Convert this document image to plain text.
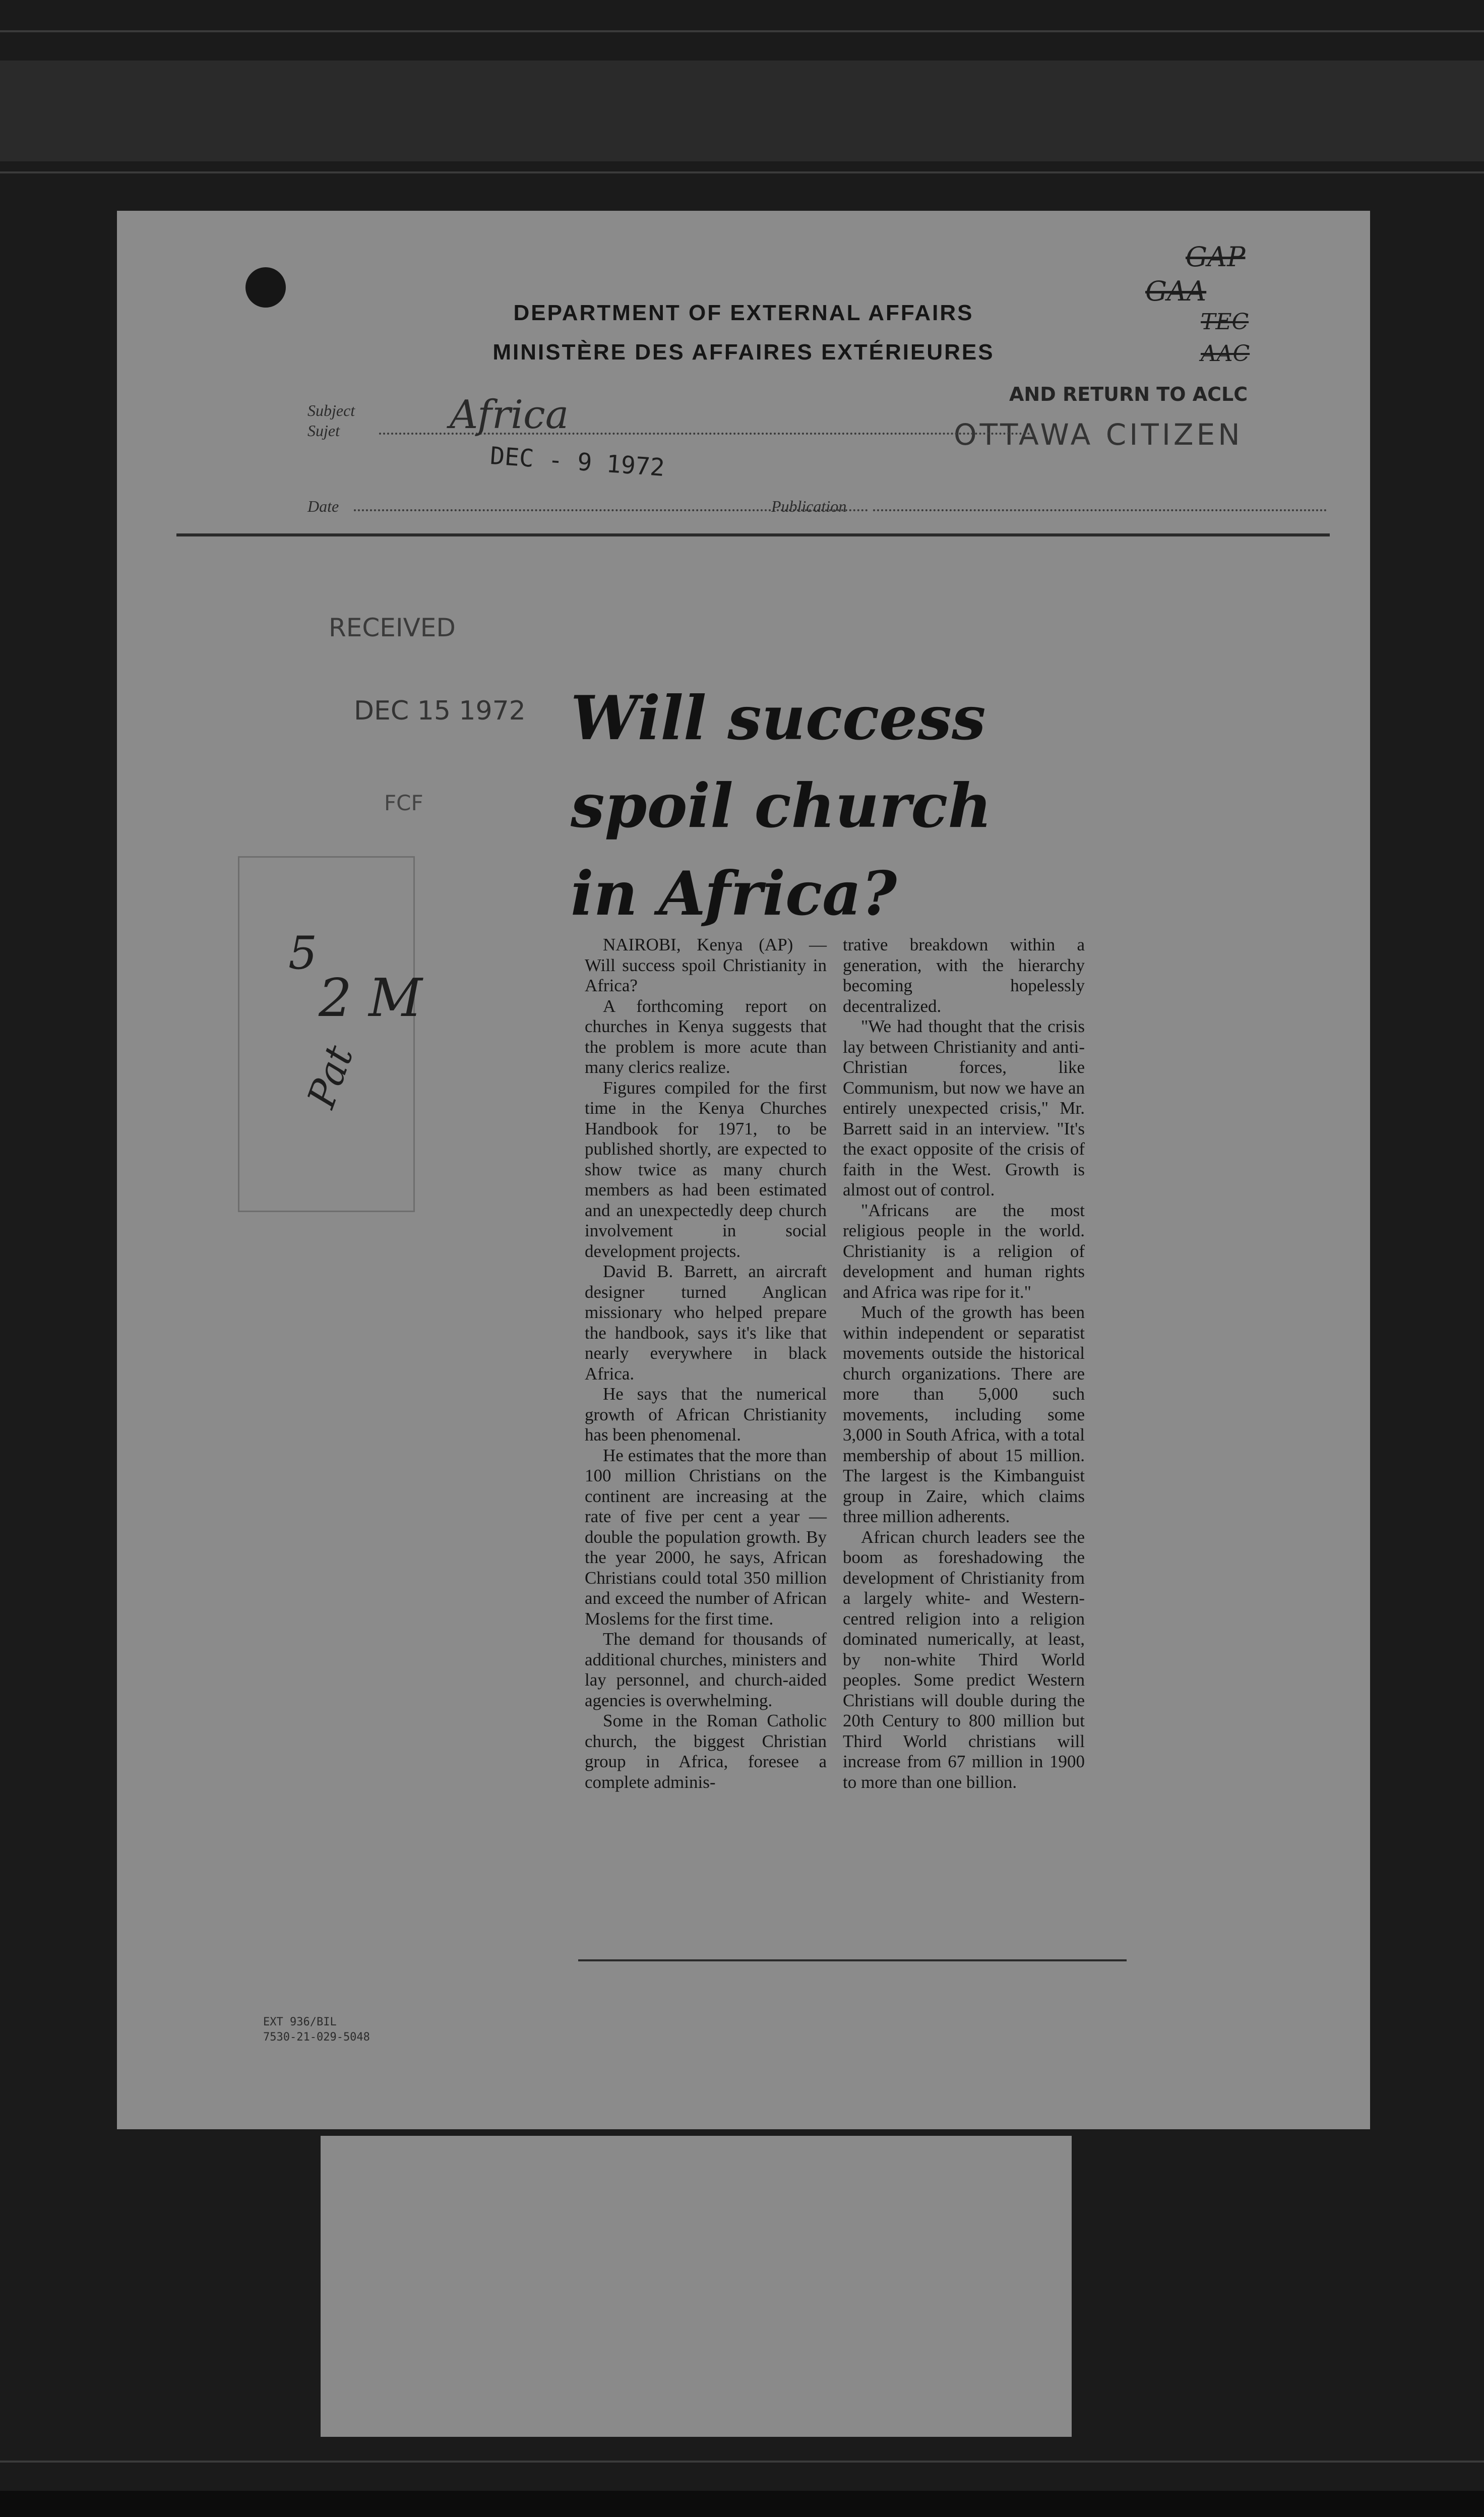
DEPARTMENT OF EXTERNAL AFFAIRS
MINISTÈRE DES AFFAIRES EXTÉRIEURES
GAP
GAA
TEC
AAC
AND RETURN TO ACLC
OTTAWA CITIZEN
Subject
Sujet	Africa
DEC - 9 1972
Date	Publication
RECEIVED
DEC 15 1972
FCF
5
2 M
Pat
Will success
spoil church
in Africa?

NAIROBI, Kenya (AP) — Will success spoil Christianity in Africa?

A forthcoming report on churches in Kenya suggests that the problem is more acute than many clerics realize.

Figures compiled for the first time in the Kenya Churches Handbook for 1971, to be published shortly, are expected to show twice as many church members as had been estimated and an unexpectedly deep church involvement in social development projects.

David B. Barrett, an aircraft designer turned Anglican missionary who helped prepare the handbook, says it's like that nearly everywhere in black Africa.

He says that the numerical growth of African Christianity has been phenomenal.

He estimates that the more than 100 million Christians on the continent are increasing at the rate of five per cent a year — double the population growth. By the year 2000, he says, African Christians could total 350 million and exceed the number of African Moslems for the first time.

The demand for thousands of additional churches, ministers and lay personnel, and church-aided agencies is overwhelming.

Some in the Roman Catholic church, the biggest Christian group in Africa, foresee a complete adminis-

trative breakdown within a generation, with the hierarchy becoming hopelessly decentralized.

"We had thought that the crisis lay between Christianity and anti-Christian forces, like Communism, but now we have an entirely unexpected crisis," Mr. Barrett said in an interview. "It's the exact opposite of the crisis of faith in the West. Growth is almost out of control.

"Africans are the most religious people in the world. Christianity is a religion of development and human rights and Africa was ripe for it."

Much of the growth has been within independent or separatist movements outside the historical church organizations. There are more than 5,000 such movements, including some 3,000 in South Africa, with a total membership of about 15 million. The largest is the Kimbanguist group in Zaire, which claims three million adherents.

African church leaders see the boom as foreshadowing the development of Christianity from a largely white- and Western-centred religion into a religion dominated numerically, at least, by non-white Third World peoples. Some predict Western Christians will double during the 20th Century to 800 million but Third World christians will increase from 67 million in 1900 to more than one billion.

EXT 936/BIL
7530-21-029-5048
